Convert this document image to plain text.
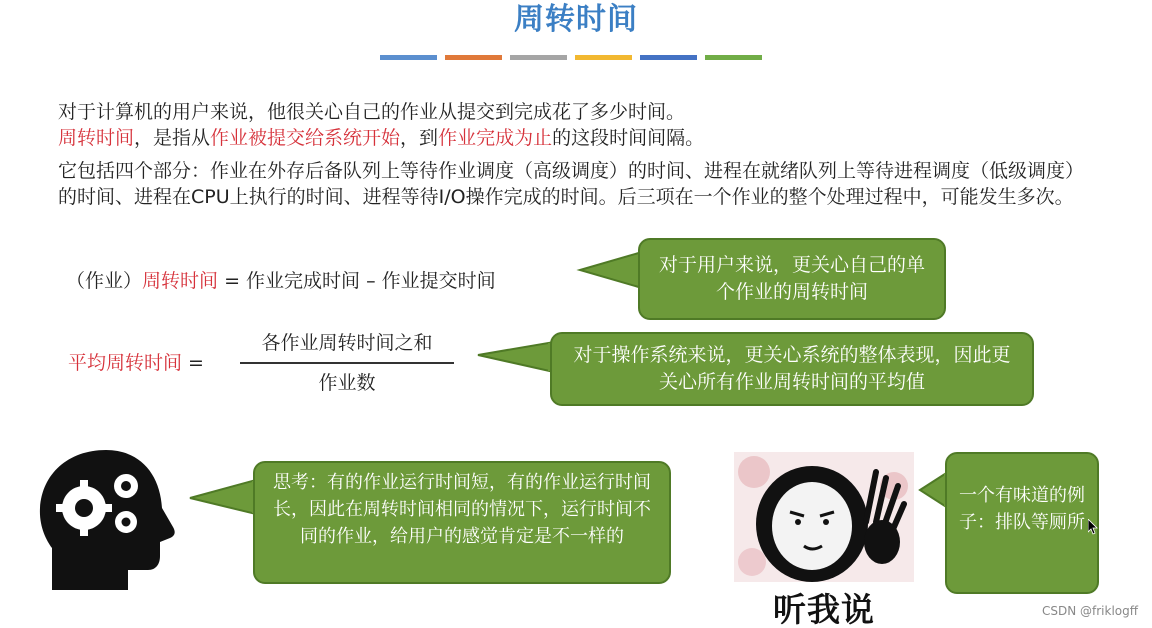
周转时间
对于计算机的用户来说，他很关心自己的作业从提交到完成花了多少时间。
周转时间，是指从作业被提交给系统开始，到作业完成为止的这段时间间隔。
它包括四个部分：作业在外存后备队列上等待作业调度（高级调度）的时间、进程在就绪队列上等待进程调度（低级调度）的时间、进程在CPU上执行的时间、进程等待I/O操作完成的时间。后三项在一个作业的整个处理过程中，可能发生多次。
（作业）周转时间 = 作业完成时间 – 作业提交时间
平均周转时间 =
各作业周转时间之和
作业数
对于用户来说，更关心自己的单个作业的周转时间
对于操作系统来说，更关心系统的整体表现，因此更关心所有作业周转时间的平均值
思考：有的作业运行时间短，有的作业运行时间长，因此在周转时间相同的情况下，运行时间不同的作业，给用户的感觉肯定是不一样的
一个有味道的例子：排队等厕所
听我说	CSDN @friklogff
